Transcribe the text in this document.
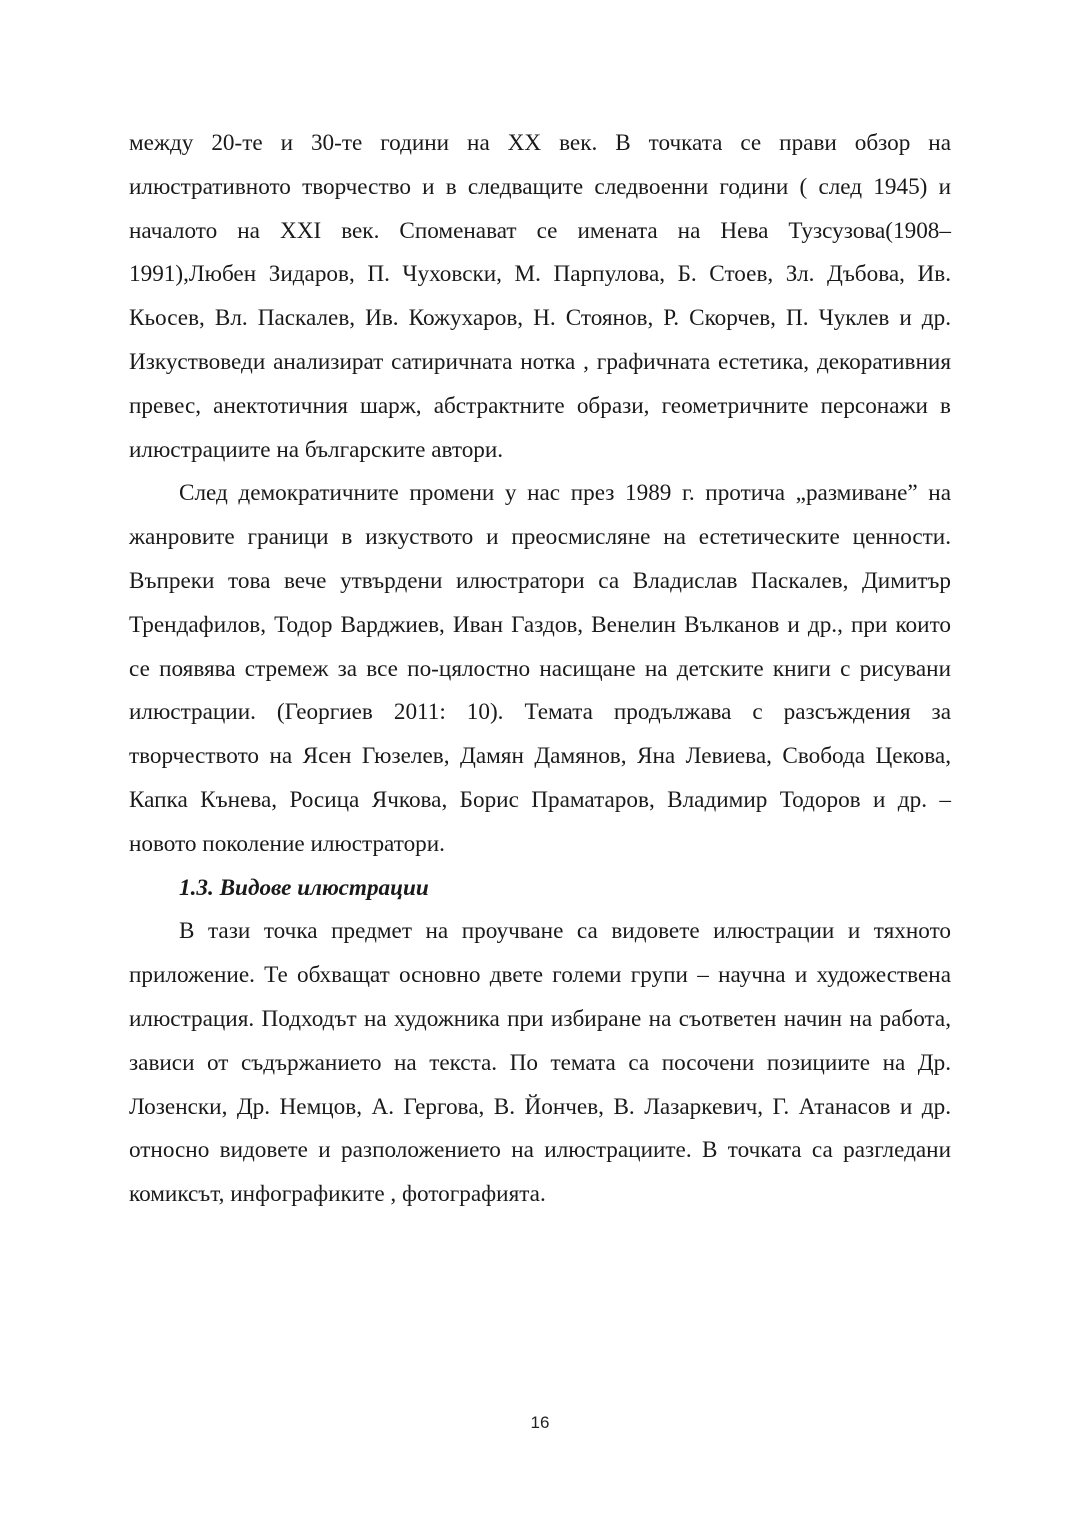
между 20-те и 30-те години на XX век. В точката се прави обзор на илюстративното творчество и в следващите следвоенни години ( след 1945) и началото на XXI век. Споменават се имената на Нева Тузсузова(1908– 1991),Любен Зидаров, П. Чуховски, М. Парпулова, Б. Стоев, Зл. Дъбова, Ив. Кьосев, Вл. Паскалев, Ив. Кожухаров, Н. Стоянов, Р. Скорчев, П. Чуклев и др. Изкуствоведи анализират сатиричната нотка , графичната естетика, декоративния превес, анектотичния шарж, абстрактните образи, геометричните персонажи в илюстрациите на българските автори.

След демократичните промени у нас през 1989 г. протича „размиване” на жанровите граници в изкуството и преосмисляне на естетическите ценности. Въпреки това вече утвърдени илюстратори са Владислав Паскалев, Димитър Трендафилов, Тодор Варджиев, Иван Газдов, Венелин Вълканов и др., при които се появява стремеж за все по-цялостно насищане на детските книги с рисувани илюстрации. (Георгиев 2011: 10). Темата продължава с разсъждения за творчеството на Ясен Гюзелев, Дамян Дамянов, Яна Левиева, Свобода Цекова, Капка Кънева, Росица Ячкова, Борис Праматаров, Владимир Тодоров и др. – новото поколение илюстратори.

1.3. Видове илюстрации

В тази точка предмет на проучване са видовете илюстрации и тяхното приложение. Те обхващат основно двете големи групи – научна и художествена илюстрация. Подходът на художника при избиране на съответен начин на работа, зависи от съдържанието на текста. По темата са посочени позициите на Др. Лозенски, Др. Немцов, А. Гергова, В. Йончев, В. Лазаркевич, Г. Атанасов и др. относно видовете и разположението на илюстрациите. В точката са разгледани комиксът, инфографиките , фотографията.

16
